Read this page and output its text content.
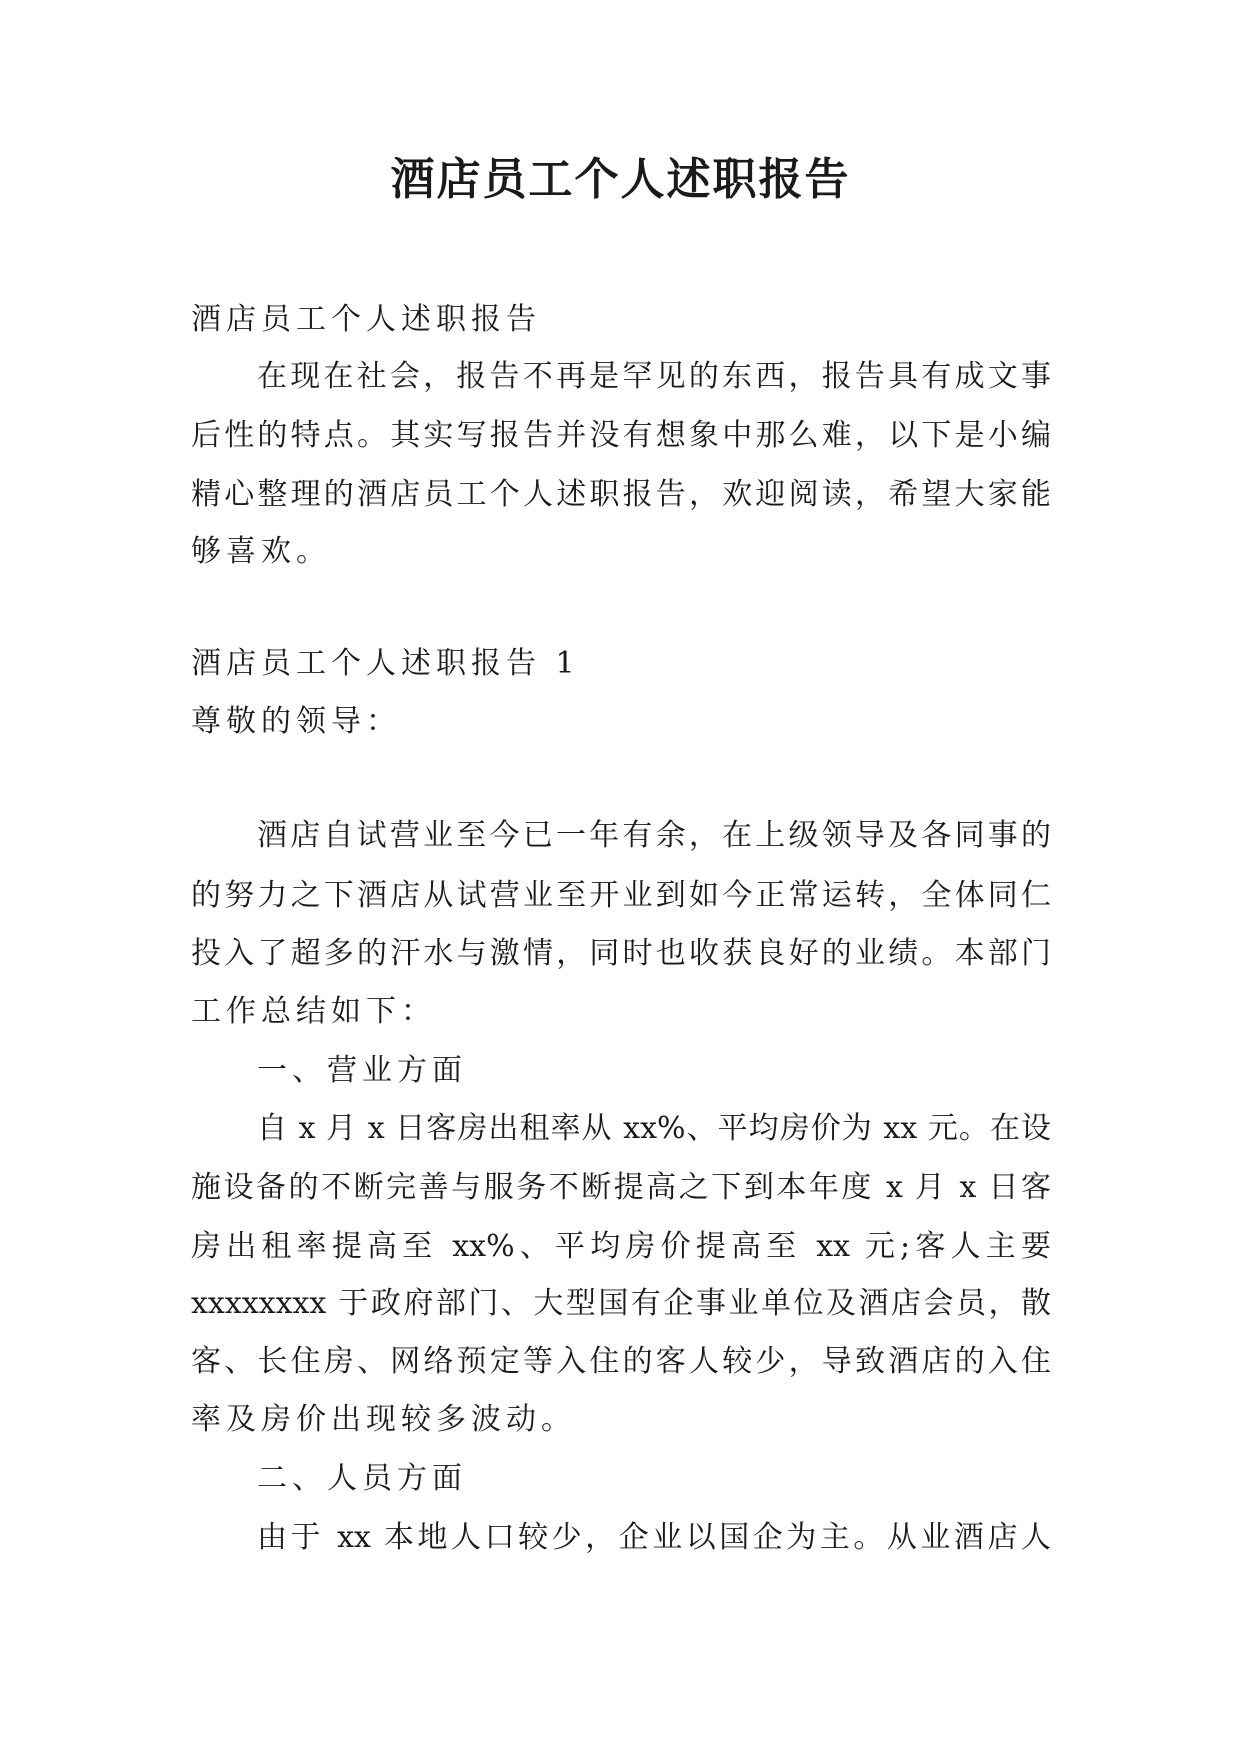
酒店员工个人述职报告
酒店员工个人述职报告
在现在社会，报告不再是罕见的东西，报告具有成文事
后性的特点。其实写报告并没有想象中那么难，以下是小编
精心整理的酒店员工个人述职报告，欢迎阅读，希望大家能
够喜欢。
酒店员工个人述职报告 1
尊敬的领导：
酒店自试营业至今已一年有余，在上级领导及各同事的
的努力之下酒店从试营业至开业到如今正常运转，全体同仁
投入了超多的汗水与激情，同时也收获良好的业绩。本部门
工作总结如下：
一、营业方面
自 x 月 x 日客房出租率从 xx%、平均房价为 xx 元。在设
施设备的不断完善与服务不断提高之下到本年度 x 月 x 日客
房出租率提高至 xx%、平均房价提高至 xx 元;客人主要
xxxxxxxx 于政府部门、大型国有企事业单位及酒店会员，散
客、长住房、网络预定等入住的客人较少，导致酒店的入住
率及房价出现较多波动。
二、人员方面
由于 xx 本地人口较少，企业以国企为主。从业酒店人
